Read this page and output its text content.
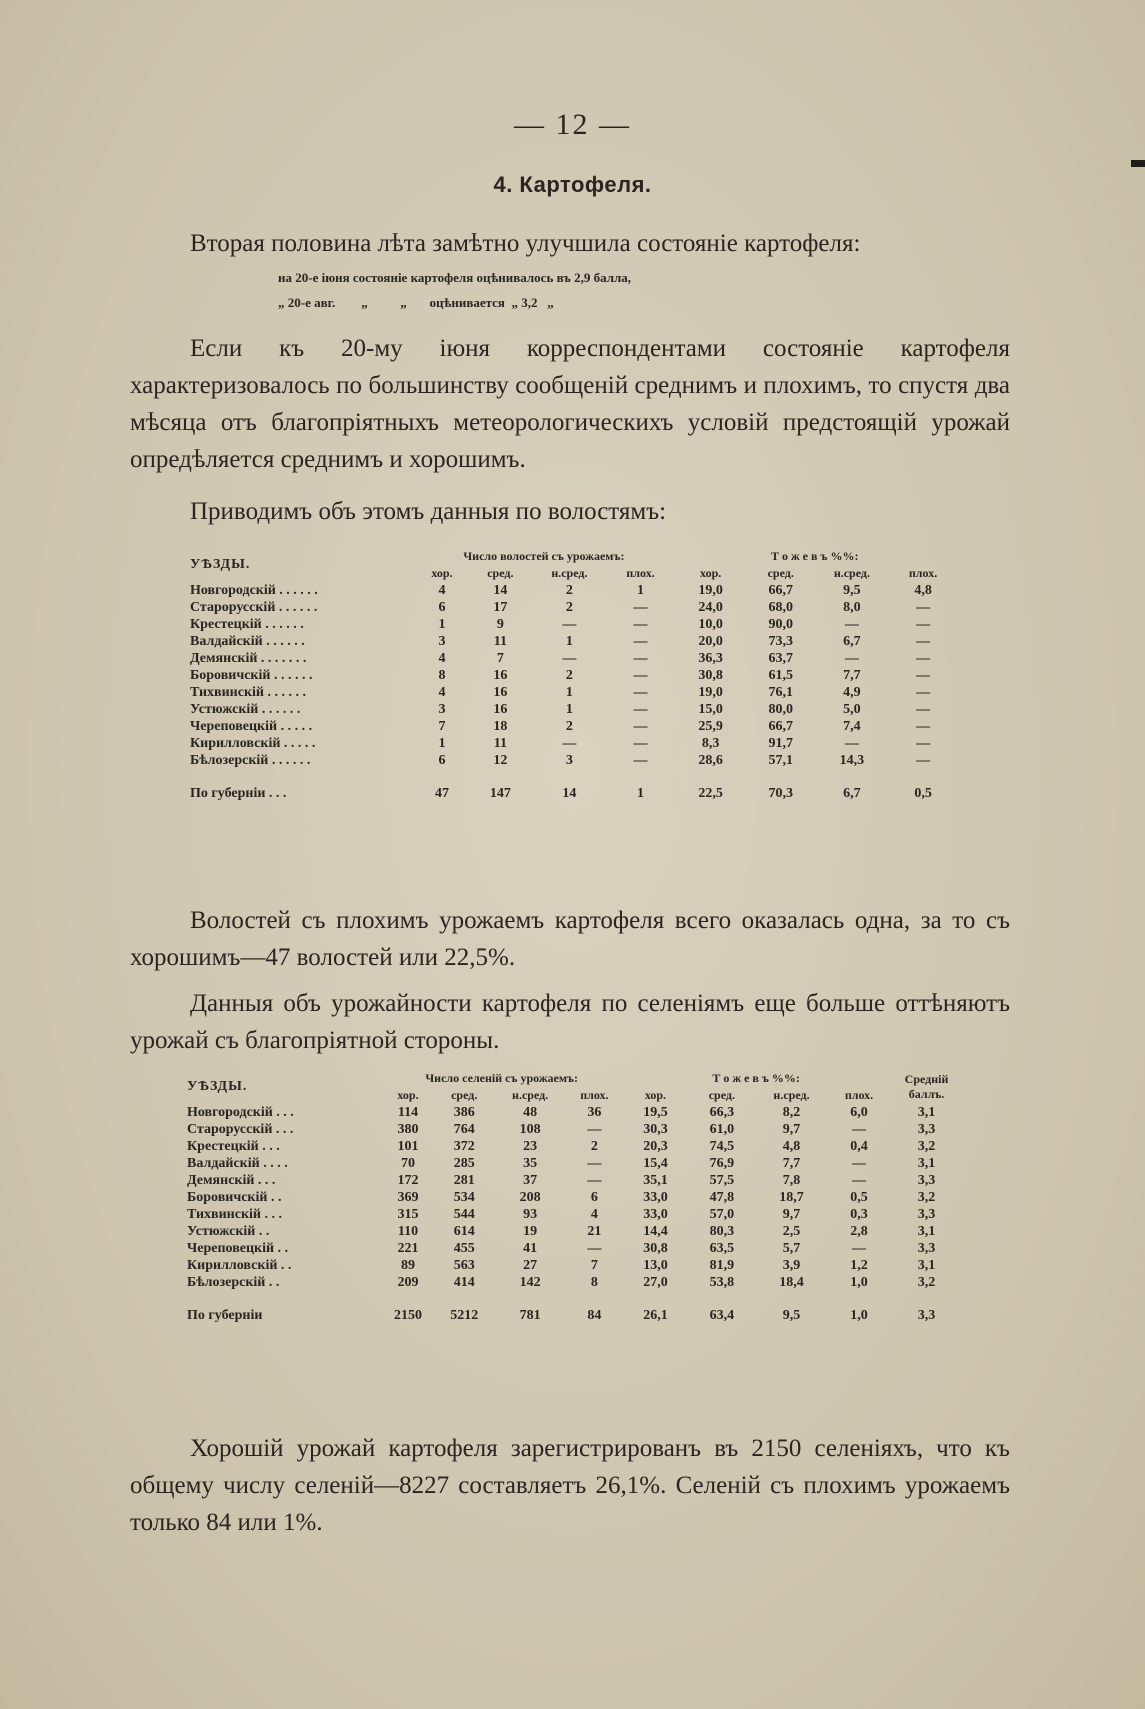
— 12 —
4. Картофеля.
Вторая половина лѣта замѣтно улучшила состояніе картофеля:
на 20-е іюня состояніе картофеля оцѣнивалось въ 2,9 балла,
„ 20-е авг.        „          „       оцѣнивается  „ 3,2   „
Если къ 20-му іюня корреспондентами состояніе картофеля характеризовалось по большинству сообщеній среднимъ и плохимъ, то спустя два мѣсяца отъ благопріятныхъ метеорологическихъ условій предстоящій урожай опредѣляется среднимъ и хорошимъ.
Приводимъ объ этомъ данныя по волостямъ:
УѢЗДЫ.	Число волостей съ урожаемъ:				Т о ж е в ъ %%:			
	хор.	сред.	н.сред.	плох.	хор.	сред.	н.сред.	плох.
Новгородскій . . . . . .	4	14	2	1	19,0	66,7	9,5	4,8
Старорусскій . . . . . .	6	17	2	—	24,0	68,0	8,0	—
Крестецкій . . . . . .	1	9	—	—	10,0	90,0	—	—
Валдайскій . . . . . .	3	11	1	—	20,0	73,3	6,7	—
Демянскій . . . . . . .	4	7	—	—	36,3	63,7	—	—
Боровичскій . . . . . .	8	16	2	—	30,8	61,5	7,7	—
Тихвинскій . . . . . .	4	16	1	—	19,0	76,1	4,9	—
Устюжскій . . . . . .	3	16	1	—	15,0	80,0	5,0	—
Череповецкій . . . . .	7	18	2	—	25,9	66,7	7,4	—
Кирилловскій . . . . .	1	11	—	—	8,3	91,7	—	—
Бѣлозерскій . . . . . .	6	12	3	—	28,6	57,1	14,3	—
По губерніи . . .	47	147	14	1	22,5	70,3	6,7	0,5
Волостей съ плохимъ урожаемъ картофеля всего оказалась одна, за то съ хорошимъ—47 волостей или 22,5%.
Данныя объ урожайности картофеля по селеніямъ еще больше оттѣняютъ урожай съ благопріятной стороны.
УѢЗДЫ.	Число селеній съ урожаемъ:				Т о ж е в ъ %%:				Средній баллъ.
	хор.	сред.	н.сред.	плох.	хор.	сред.	н.сред.	плох.	
Новгородскій . . .	114	386	48	36	19,5	66,3	8,2	6,0	3,1
Старорусскій . . .	380	764	108	—	30,3	61,0	9,7	—	3,3
Крестецкій . . .	101	372	23	2	20,3	74,5	4,8	0,4	3,2
Валдайскій . . . .	70	285	35	—	15,4	76,9	7,7	—	3,1
Демянскій . . .	172	281	37	—	35,1	57,5	7,8	—	3,3
Боровичскій . .	369	534	208	6	33,0	47,8	18,7	0,5	3,2
Тихвинскій . . .	315	544	93	4	33,0	57,0	9,7	0,3	3,3
Устюжскій . .	110	614	19	21	14,4	80,3	2,5	2,8	3,1
Череповецкій . .	221	455	41	—	30,8	63,5	5,7	—	3,3
Кирилловскій . .	89	563	27	7	13,0	81,9	3,9	1,2	3,1
Бѣлозерскій . .	209	414	142	8	27,0	53,8	18,4	1,0	3,2
По губерніи	2150	5212	781	84	26,1	63,4	9,5	1,0	3,3
Хорошій урожай картофеля зарегистрированъ въ 2150 селеніяхъ, что къ общему числу селеній—8227 составляетъ 26,1%. Селеній съ плохимъ урожаемъ только 84 или 1%.
